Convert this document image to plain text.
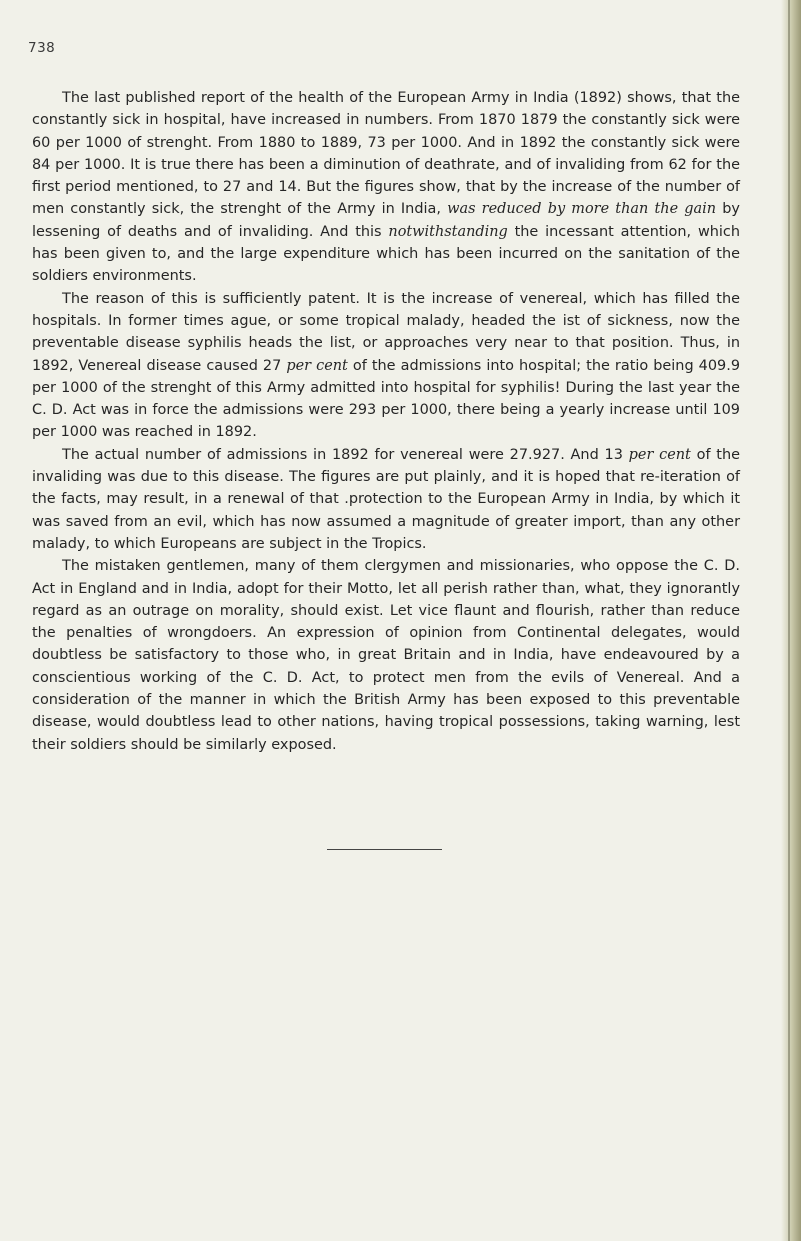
738

The last published report of the health of the European Army in India (1892) shows, that the constantly sick in hospital, have increased in numbers. From 1870 1879 the constantly sick were 60 per 1000 of strenght. From 1880 to 1889, 73 per 1000. And in 1892 the constantly sick were 84 per 1000. It is true there has been a diminution of deathrate, and of invaliding from 62 for the first period mentioned, to 27 and 14. But the figures show, that by the increase of the number of men constantly sick, the strenght of the Army in India, was reduced by more than the gain by lessening of deaths and of invaliding. And this notwithstanding the incessant attention, which has been given to, and the large expenditure which has been incurred on the sanitation of the soldiers environments.

The reason of this is sufficiently patent. It is the increase of venereal, which has filled the hospitals. In former times ague, or some tropical malady, headed the ist of sickness, now the preventable disease syphilis heads the list, or approaches very near to that position. Thus, in 1892, Venereal disease caused 27 per cent of the admissions into hospital; the ratio being 409.9 per 1000 of the strenght of this Army admitted into hospital for syphilis! During the last year the C. D. Act was in force the admissions were 293 per 1000, there being a yearly increase until 109 per 1000 was reached in 1892.

The actual number of admissions in 1892 for venereal were 27.927. And 13 per cent of the invaliding was due to this disease. The figures are put plainly, and it is hoped that re-iteration of the facts, may result, in a renewal of that .protection to the European Army in India, by which it was saved from an evil, which has now assumed a magnitude of greater import, than any other malady, to which Europeans are subject in the Tropics.

The mistaken gentlemen, many of them clergymen and missionaries, who oppose the C. D. Act in England and in India, adopt for their Motto, let all perish rather than, what, they ignorantly regard as an outrage on morality, should exist. Let vice flaunt and flourish, rather than reduce the penalties of wrongdoers. An expression of opinion from Continental delegates, would doubtless be satisfactory to those who, in great Britain and in India, have endeavoured by a conscientious working of the C. D. Act, to protect men from the evils of Venereal. And a consideration of the manner in which the British Army has been exposed to this preventable disease, would doubtless lead to other nations, having tropical possessions, taking warning, lest their soldiers should be similarly exposed.
